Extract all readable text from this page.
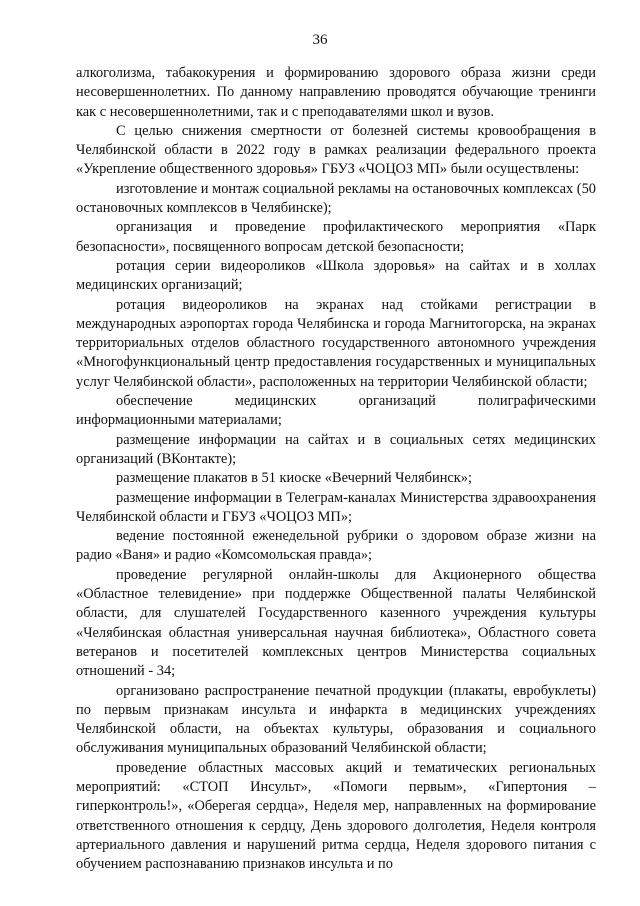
36

алкоголизма, табакокурения и формированию здорового образа жизни среди несовершеннолетних. По данному направлению проводятся обучающие тренинги как с несовершеннолетними, так и с преподавателями школ и вузов.

С целью снижения смертности от болезней системы кровообращения в Челябинской области в 2022 году в рамках реализации федерального проекта «Укрепление общественного здоровья» ГБУЗ «ЧОЦОЗ МП» были осуществлены:

изготовление и монтаж социальной рекламы на остановочных комплексах (50 остановочных комплексов в Челябинске);

организация и проведение профилактического мероприятия «Парк безопасности», посвященного вопросам детской безопасности;

ротация серии видеороликов «Школа здоровья» на сайтах и в холлах медицинских организаций;

ротация видеороликов на экранах над стойками регистрации в международных аэропортах города Челябинска и города Магнитогорска, на экранах территориальных отделов областного государственного автономного учреждения «Многофункциональный центр предоставления государственных и муниципальных услуг Челябинской области», расположенных на территории Челябинской области;

обеспечение медицинских организаций полиграфическими информационными материалами;

размещение информации на сайтах и в социальных сетях медицинских организаций (ВКонтакте);

размещение плакатов в 51 киоске «Вечерний Челябинск»;

размещение информации в Телеграм-каналах Министерства здравоохранения Челябинской области и ГБУЗ «ЧОЦОЗ МП»;

ведение постоянной еженедельной рубрики о здоровом образе жизни на радио «Ваня» и радио «Комсомольская правда»;

проведение регулярной онлайн-школы для Акционерного общества «Областное телевидение» при поддержке Общественной палаты Челябинской области, для слушателей Государственного казенного учреждения культуры «Челябинская областная универсальная научная библиотека», Областного совета ветеранов и посетителей комплексных центров Министерства социальных отношений - 34;

организовано распространение печатной продукции (плакаты, евробуклеты) по первым признакам инсульта и инфаркта в медицинских учреждениях Челябинской области, на объектах культуры, образования и социального обслуживания муниципальных образований Челябинской области;

проведение областных массовых акций и тематических региональных мероприятий: «СТОП Инсульт», «Помоги первым», «Гипертония – гиперконтроль!», «Оберегая сердца», Неделя мер, направленных на формирование ответственного отношения к сердцу, День здорового долголетия, Неделя контроля артериального давления и нарушений ритма сердца, Неделя здорового питания с обучением распознаванию признаков инсульта и по
